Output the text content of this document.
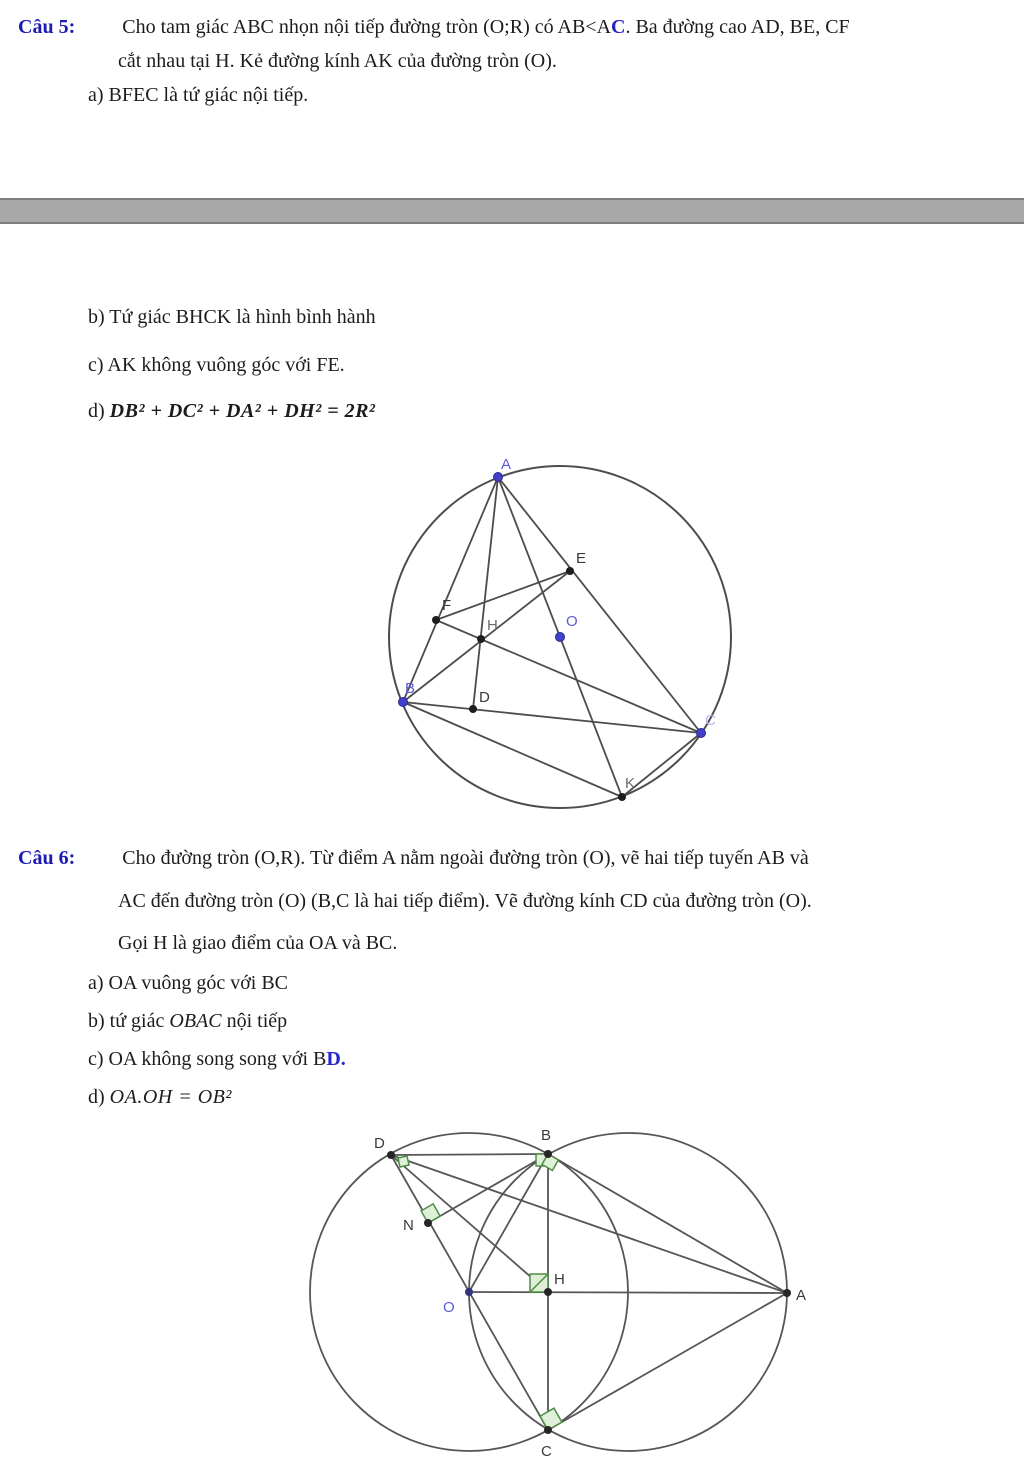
Câu 5: Cho tam giác ABC nhọn nội tiếp đường tròn (O;R) có AB<AC. Ba đường cao AD, BE, CF
cắt nhau tại H. Kẻ đường kính AK của đường tròn (O).
a) BFEC là tứ giác nội tiếp.
b) Tứ giác BHCK là hình bình hành
c) AK không vuông góc với FE.
d) DB² + DC² + DA² + DH² = 2R²
A
E
F
H	O
B
D
C
K
Câu 6: Cho đường tròn (O,R). Từ điểm A nằm ngoài đường tròn (O), vẽ hai tiếp tuyến AB và
AC đến đường tròn (O) (B,C là hai tiếp điểm). Vẽ đường kính CD của đường tròn (O).
Gọi H là giao điểm của OA và BC.
a) OA vuông góc với BC
b) tứ giác OBAC nội tiếp
c) OA không song song với BD.
d) OA.OH = OB²
D	B
N
O
H
A
C
